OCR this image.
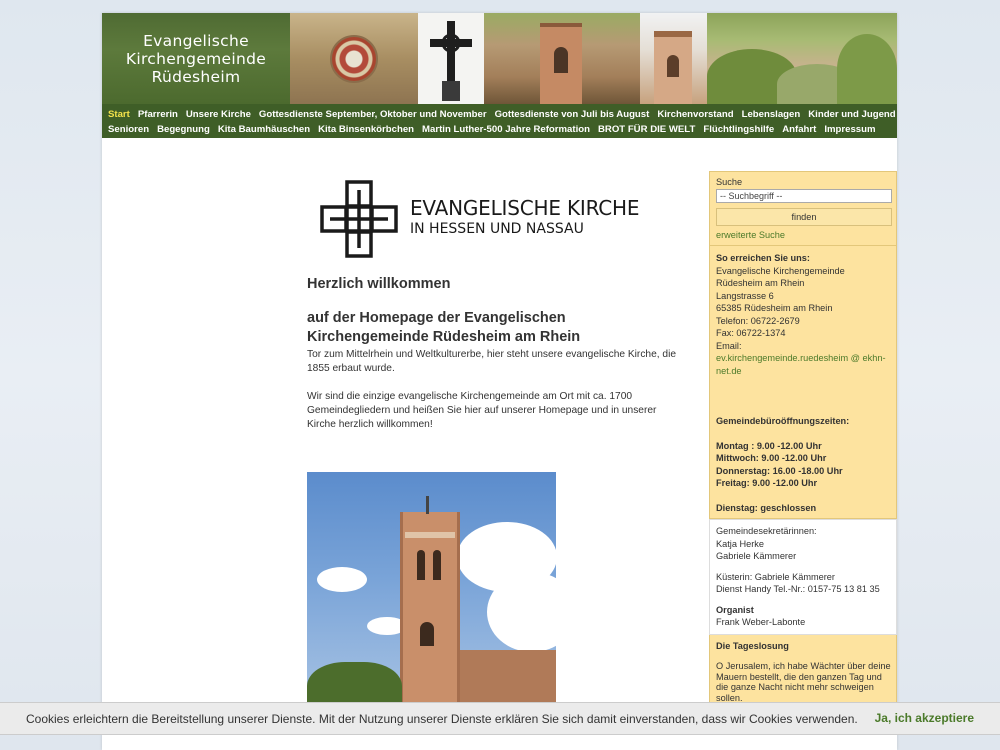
Evangelische
Kirchengemeinde
Rüdesheim
Start Pfarrerin Unsere Kirche Gottesdienste September, Oktober und November Gottesdienste von Juli bis August Kirchenvorstand Lebenslagen Kinder und Jugend
Senioren Begegnung Kita Baumhäuschen Kita Binsenkörbchen Martin Luther-500 Jahre Reformation BROT FÜR DIE WELT Flüchtlingshilfe Anfahrt Impressum
EVANGELISCHE KIRCHE
IN HESSEN UND NASSAU
Herzlich willkommen
auf der Homepage der Evangelischen Kirchengemeinde Rüdesheim am Rhein
Tor zum Mittelrhein und Weltkulturerbe, hier steht unsere evangelische Kirche, die 1855 erbaut wurde.
Wir sind die einzige evangelische Kirchengemeinde am Ort mit ca. 1700 Gemeindegliedern und heißen Sie hier auf unserer Homepage und in unserer Kirche herzlich willkommen!
Suche
-- Suchbegriff --
finden
erweiterte Suche
So erreichen Sie uns:
Evangelische Kirchengemeinde
Rüdesheim am Rhein
Langstrasse 6
65385 Rüdesheim am Rhein
Telefon: 06722-2679
Fax: 06722-1374
Email:
ev.kirchengemeinde.ruedesheim @ ekhn-
net.de
Gemeindebüroöffnungszeiten:
Montag : 9.00 -12.00 Uhr
Mittwoch: 9.00 -12.00 Uhr
Donnerstag: 16.00 -18.00 Uhr
Freitag: 9.00 -12.00 Uhr
Dienstag: geschlossen
Gemeindesekretärinnen:
Katja Herke
Gabriele Kämmerer
Küsterin: Gabriele Kämmerer
Dienst Handy Tel.-Nr.: 0157-75 13 81 35
Organist
Frank Weber-Labonte
Die Tageslosung
O Jerusalem, ich habe Wächter über deine Mauern bestellt, die den ganzen Tag und die ganze Nacht nicht mehr schweigen sollen.
Cookies erleichtern die Bereitstellung unserer Dienste. Mit der Nutzung unserer Dienste erklären Sie sich damit einverstanden, dass wir Cookies verwenden. Ja, ich akzeptiere
